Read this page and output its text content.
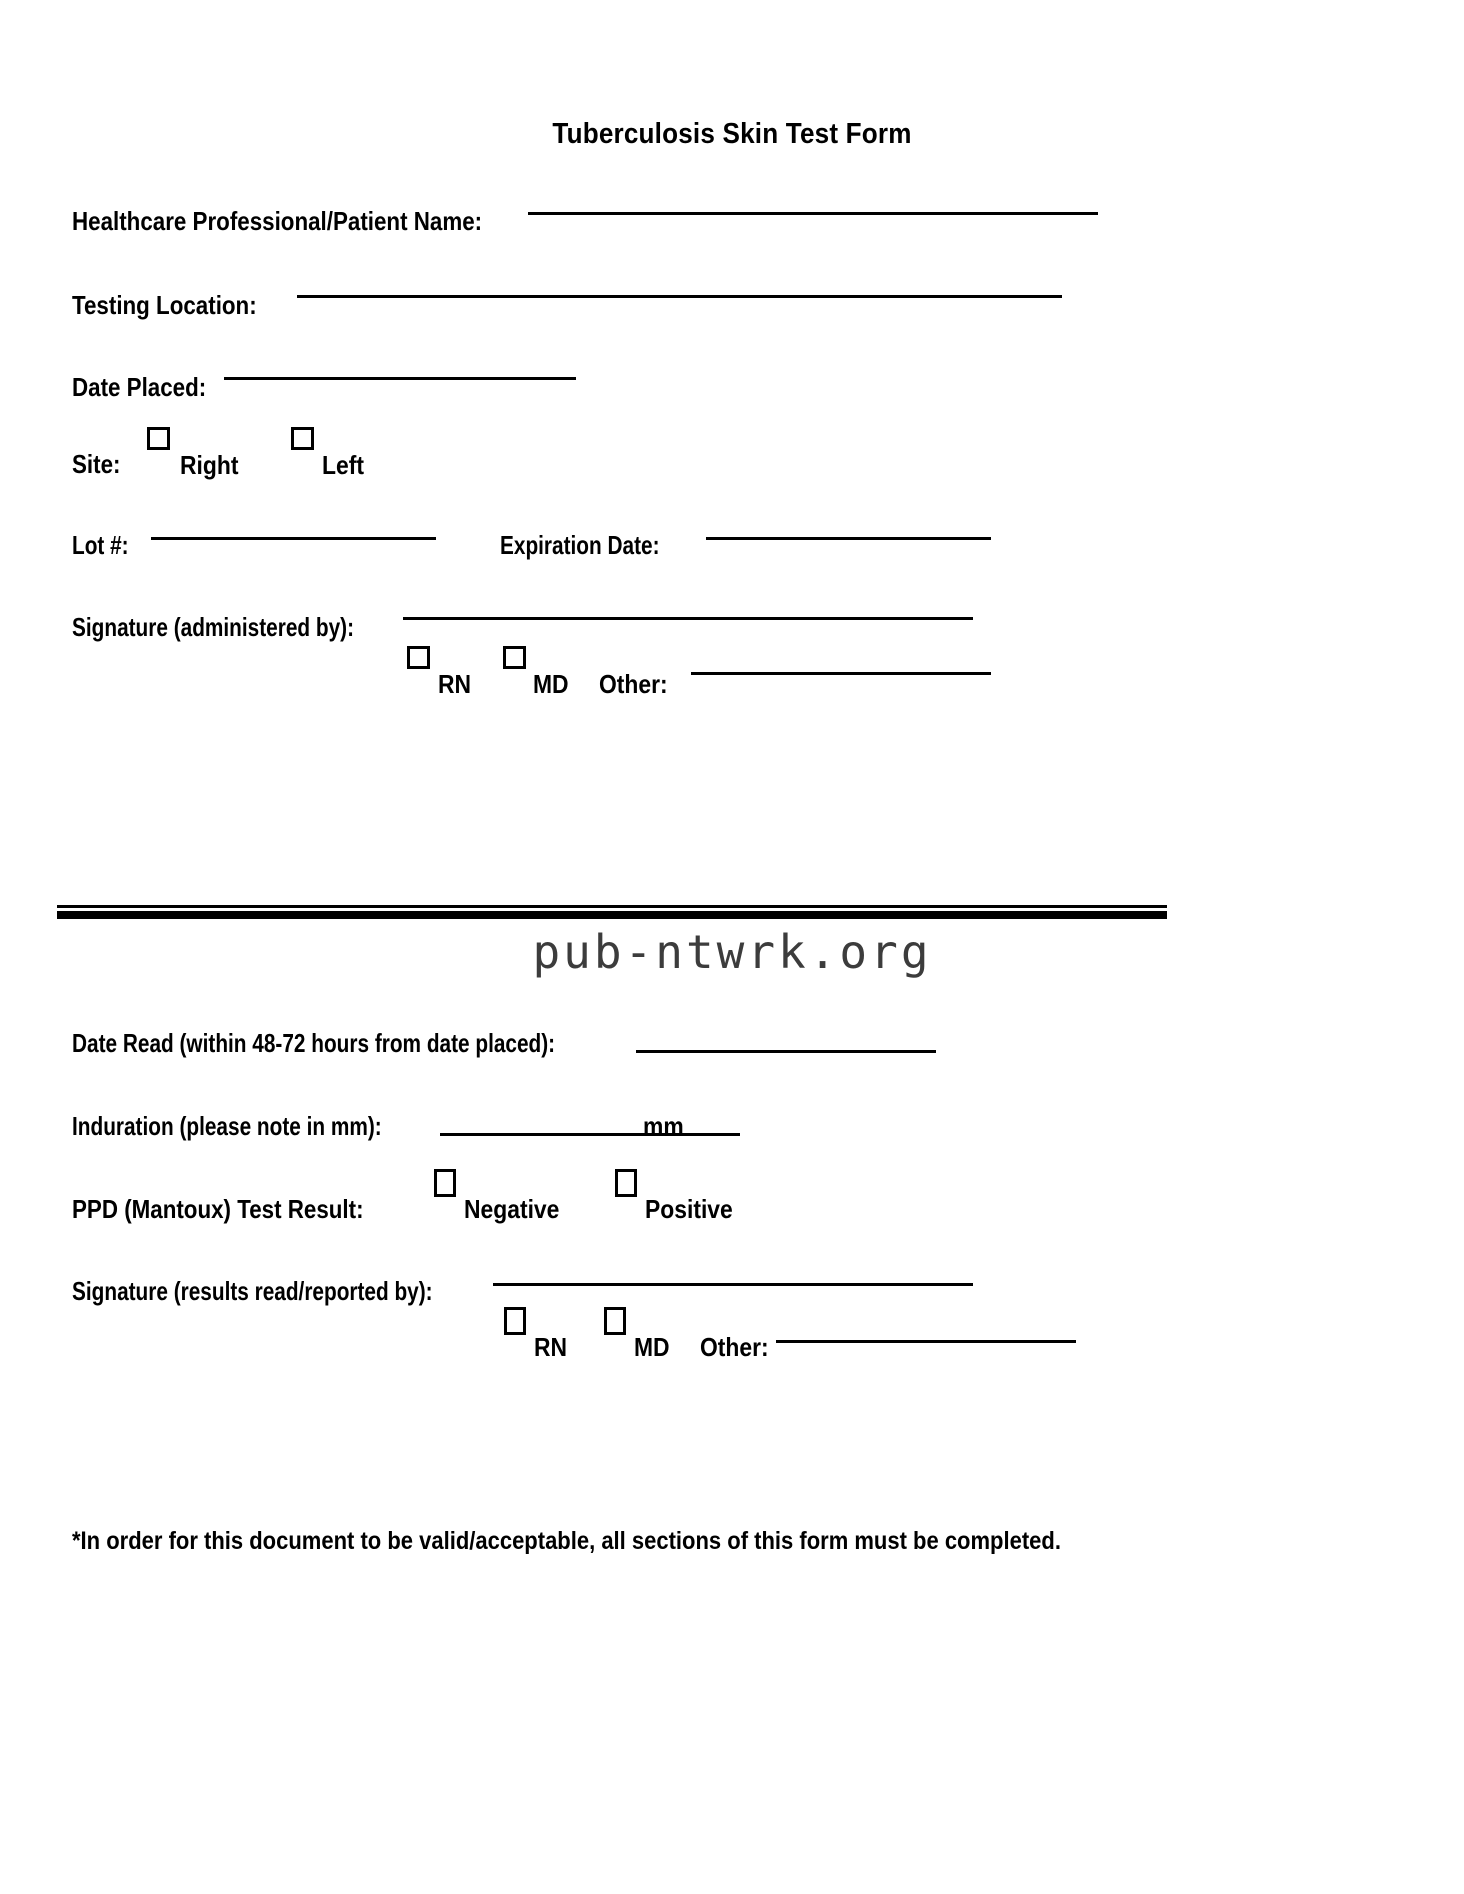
Tuberculosis Skin Test Form
Healthcare Professional/Patient Name:
Testing Location:
Date Placed:
Site: Right	Left
Lot #:	Expiration Date:
Signature (administered by):
RN MD Other:
pub-ntwrk.org
Date Read (within 48-72 hours from date placed):
Induration (please note in mm):	mm
PPD (Mantoux) Test Result:	Negative	Positive
Signature (results read/reported by):
RN	MD Other:
*In order for this document to be valid/acceptable, all sections of this form must be completed.
